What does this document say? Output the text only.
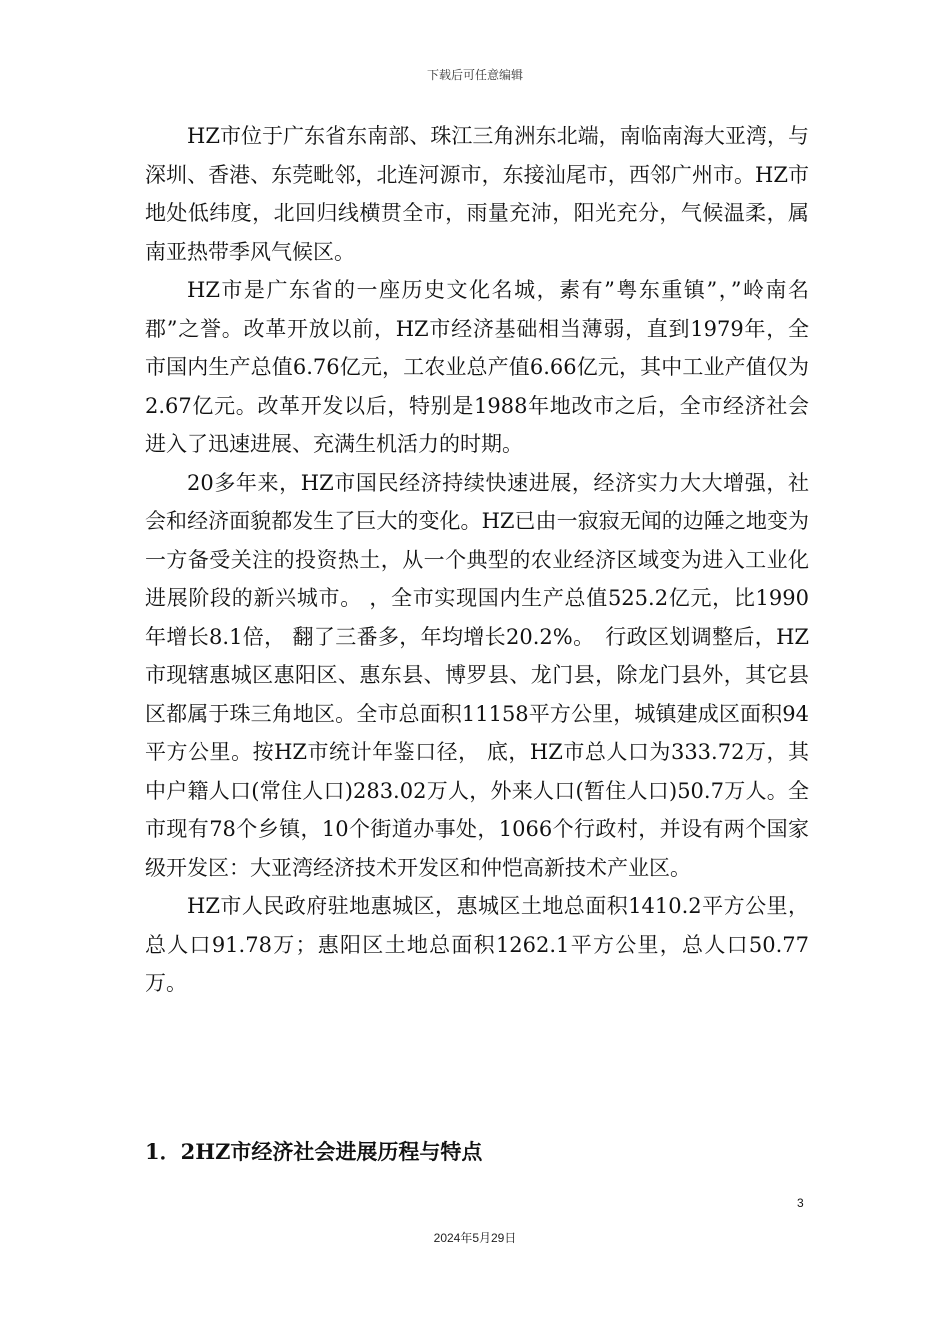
下载后可任意编辑

HZ市位于广东省东南部、珠江三角洲东北端，南临南海大亚湾，与深圳、香港、东莞毗邻，北连河源市，东接汕尾市，西邻广州市。HZ市地处低纬度，北回归线横贯全市，雨量充沛，阳光充分，气候温柔，属南亚热带季风气候区。

HZ市是广东省的一座历史文化名城，素有”粤东重镇”，”岭南名郡”之誉。改革开放以前，HZ市经济基础相当薄弱，直到1979年，全市国内生产总值6.76亿元，工农业总产值6.66亿元，其中工业产值仅为2.67亿元。改革开发以后，特别是1988年地改市之后，全市经济社会进入了迅速进展、充满生机活力的时期。

20多年来，HZ市国民经济持续快速进展，经济实力大大增强，社会和经济面貌都发生了巨大的变化。HZ已由一寂寂无闻的边陲之地变为一方备受关注的投资热土，从一个典型的农业经济区域变为进入工业化进展阶段的新兴城市。 ，全市实现国内生产总值525.2亿元，比1990年增长8.1倍， 翻了三番多，年均增长20.2%。　行政区划调整后，HZ市现辖惠城区惠阳区、惠东县、博罗县、龙门县，除龙门县外，其它县区都属于珠三角地区。全市总面积11158平方公里，城镇建成区面积94平方公里。按HZ市统计年鉴口径， 底，HZ市总人口为333.72万，其中户籍人口(常住人口)283.02万人，外来人口(暂住人口)50.7万人。全市现有78个乡镇，10个街道办事处，1066个行政村，并设有两个国家级开发区：大亚湾经济技术开发区和仲恺高新技术产业区。

HZ市人民政府驻地惠城区，惠城区土地总面积1410.2平方公里，总人口91.78万；惠阳区土地总面积1262.1平方公里，总人口50.77万。

1．2HZ市经济社会进展历程与特点
3
2024年5月29日
